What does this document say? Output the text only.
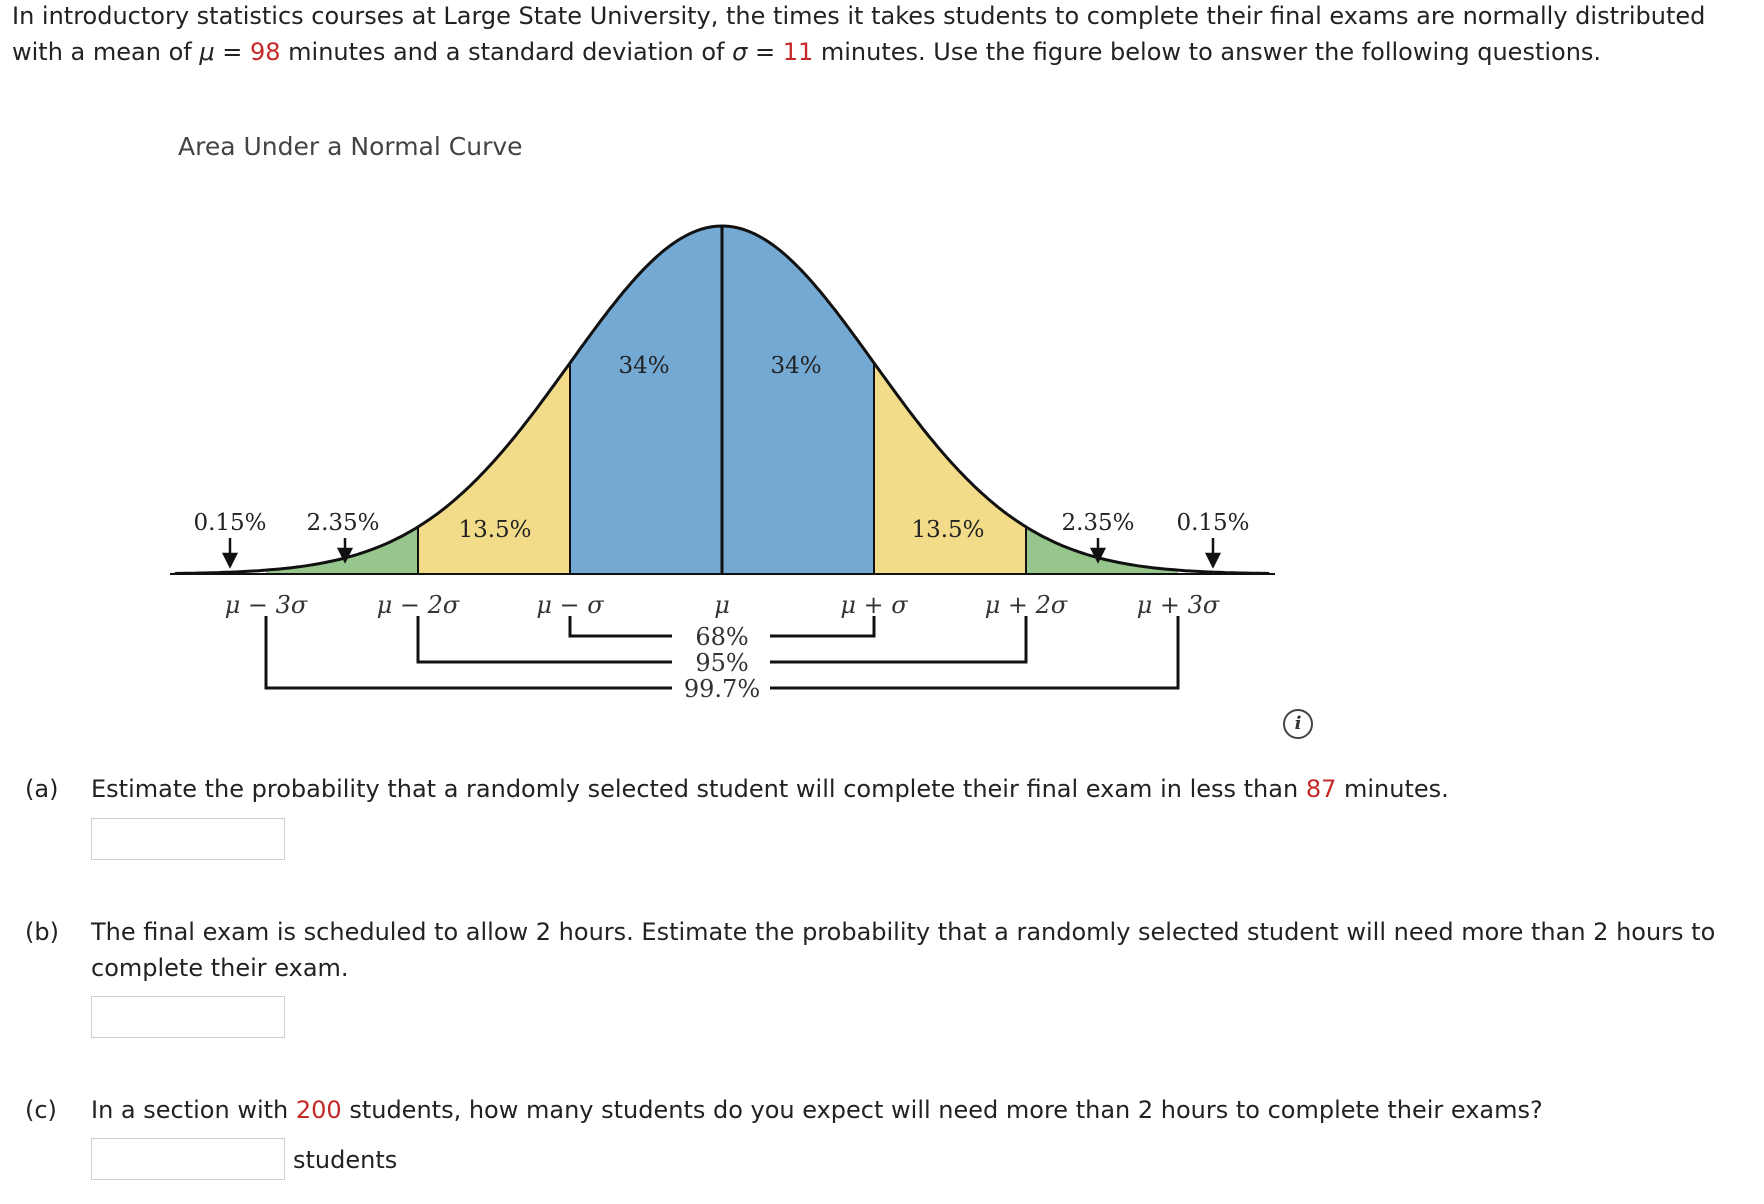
In introductory statistics courses at Large State University, the times it takes students to complete their final exams are normally distributed with a mean of μ = 98 minutes and a standard deviation of σ = 11 minutes. Use the figure below to answer the following questions.

Area Under a Normal Curve
0.15% 2.35%	13.5%
34%	34%
13.5%	2.35% 0.15%
μ − 3σ	μ − 2σ	μ − σ	μ	μ + σ	μ + 2σ	μ + 3σ
68%
95%
99.7%
i
(a) Estimate the probability that a randomly selected student will complete their final exam in less than 87 minutes.
(b) The final exam is scheduled to allow 2 hours. Estimate the probability that a randomly selected student will need more than 2 hours to complete their exam.
(c) In a section with 200 students, how many students do you expect will need more than 2 hours to complete their exams?
students
